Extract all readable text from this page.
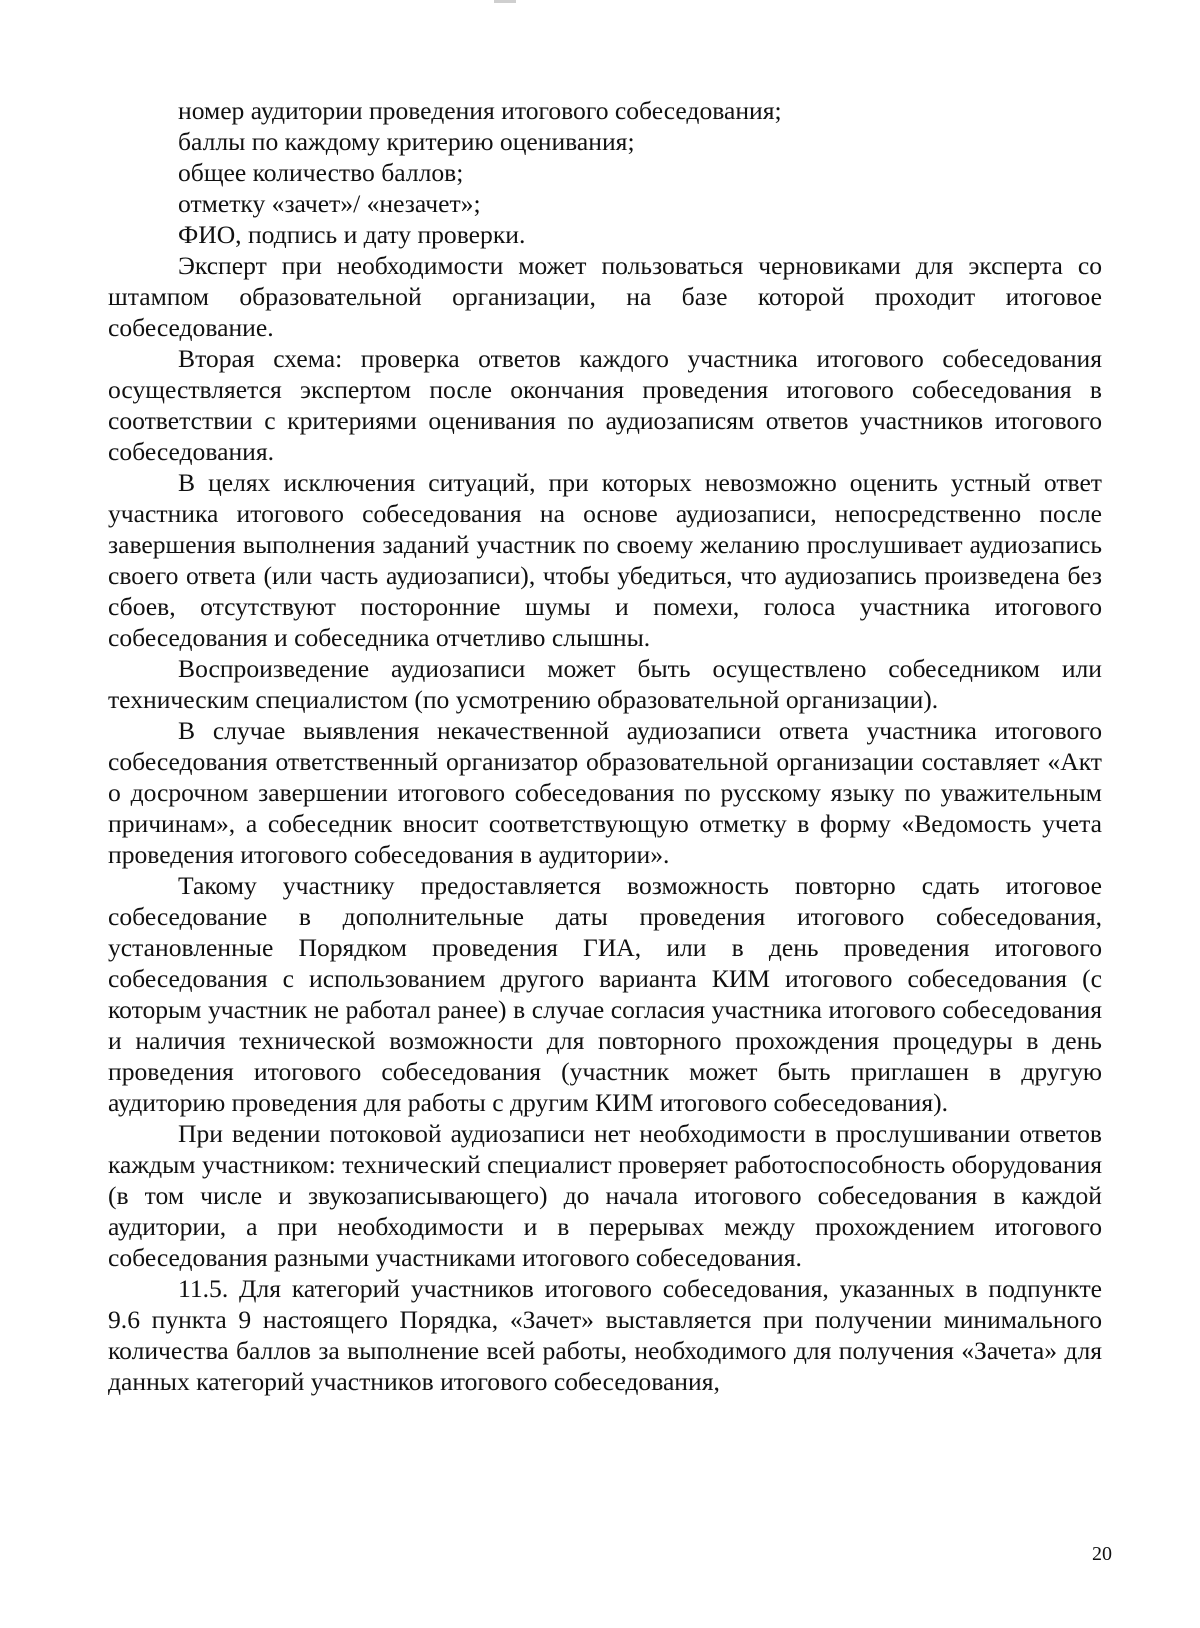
номер аудитории проведения итогового собеседования;
баллы по каждому критерию оценивания;
общее количество баллов;
отметку «зачет»/ «незачет»;
ФИО, подпись и дату проверки.

Эксперт при необходимости может пользоваться черновиками для эксперта со штампом образовательной организации, на базе которой проходит итоговое собеседование.

Вторая схема: проверка ответов каждого участника итогового собеседования осуществляется экспертом после окончания проведения итогового собеседования в соответствии с критериями оценивания по аудиозаписям ответов участников итогового собеседования.

В целях исключения ситуаций, при которых невозможно оценить устный ответ участника итогового собеседования на основе аудиозаписи, непосредственно после завершения выполнения заданий участник по своему желанию прослушивает аудиозапись своего ответа (или часть аудиозаписи), чтобы убедиться, что аудиозапись произведена без сбоев, отсутствуют посторонние шумы и помехи, голоса участника итогового собеседования и собеседника отчетливо слышны.

Воспроизведение аудиозаписи может быть осуществлено собеседником или техническим специалистом (по усмотрению образовательной организации).

В случае выявления некачественной аудиозаписи ответа участника итогового собеседования ответственный организатор образовательной организации составляет «Акт о досрочном завершении итогового собеседования по русскому языку по уважительным причинам», а собеседник вносит соответствующую отметку в форму «Ведомость учета проведения итогового собеседования в аудитории».

Такому участнику предоставляется возможность повторно сдать итоговое собеседование в дополнительные даты проведения итогового собеседования, установленные Порядком проведения ГИА, или в день проведения итогового собеседования с использованием другого варианта КИМ итогового собеседования (с которым участник не работал ранее) в случае согласия участника итогового собеседования и наличия технической возможности для повторного прохождения процедуры в день проведения итогового собеседования (участник может быть приглашен в другую аудиторию проведения для работы с другим КИМ итогового собеседования).

При ведении потоковой аудиозаписи нет необходимости в прослушивании ответов каждым участником: технический специалист проверяет работоспособность оборудования (в том числе и звукозаписывающего) до начала итогового собеседования в каждой аудитории, а при необходимости и в перерывах между прохождением итогового собеседования разными участниками итогового собеседования.

11.5. Для категорий участников итогового собеседования, указанных в подпункте 9.6 пункта 9 настоящего Порядка, «Зачет» выставляется при получении минимального количества баллов за выполнение всей работы, необходимого для получения «Зачета» для данных категорий участников итогового собеседования,

20
